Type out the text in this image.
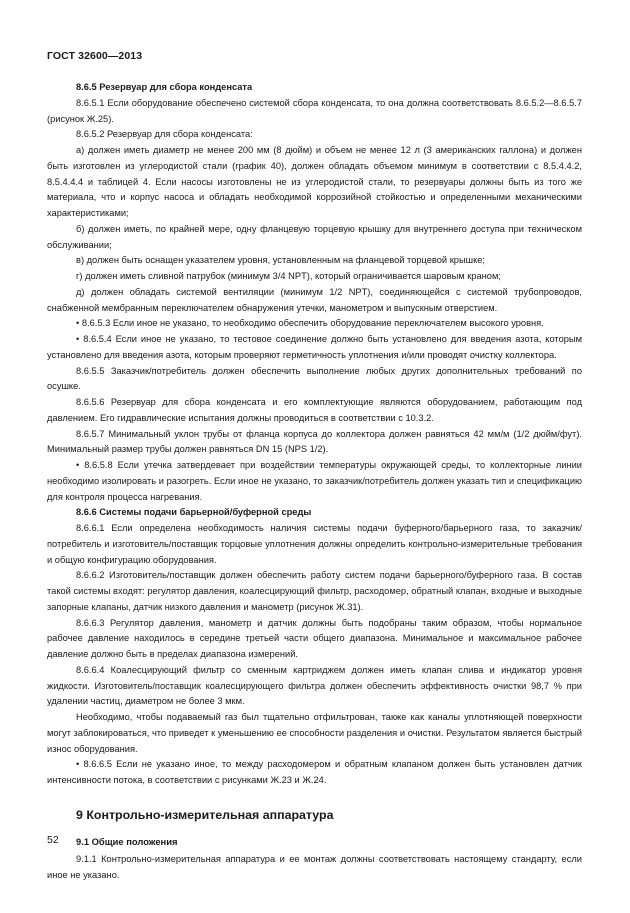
ГОСТ 32600—2013

8.6.5 Резервуар для сбора конденсата

8.6.5.1 Если оборудование обеспечено системой сбора конденсата, то она должна соответствовать 8.6.5.2—8.6.5.7 (рисунок Ж.25).

8.6.5.2 Резервуар для сбора конденсата:

а) должен иметь диаметр не менее 200 мм (8 дюйм) и объем не менее 12 л (3 американских галлона) и должен быть изготовлен из углеродистой стали (график 40), должен обладать объемом минимум в соответствии с 8.5.4.4.2, 8.5.4.4.4 и таблицей 4. Если насосы изготовлены не из углеродистой стали, то резервуары должны быть из того же материала, что и корпус насоса и обладать необходимой коррозийной стойкостью и определенными механическими характеристиками;

б) должен иметь, по крайней мере, одну фланцевую торцевую крышку для внутреннего доступа при техническом обслуживании;

в) должен быть оснащен указателем уровня, установленным на фланцевой торцевой крышке;

г) должен иметь сливной патрубок (минимум 3/4 NPT), который ограничивается шаровым краном;

д) должен обладать системой вентиляции (минимум 1/2 NPT), соединяющейся с системой трубопроводов, снабженной мембранным переключателем обнаружения утечки, манометром и выпускным отверстием.

• 8.6.5.3 Если иное не указано, то необходимо обеспечить оборудование переключателем высокого уровня.

• 8.6.5.4 Если иное не указано, то тестовое соединение должно быть установлено для введения азота, которым установлено для введения азота, которым проверяют герметичность уплотнения и/или проводят очистку коллектора.

8.6.5.5 Заказчик/потребитель должен обеспечить выполнение любых других дополнительных требований по осушке.

8.6.5.6 Резервуар для сбора конденсата и его комплектующие являются оборудованием, работающим под давлением. Его гидравлические испытания должны проводиться в соответствии с 10.3.2.

8.6.5.7 Минимальный уклон трубы от фланца корпуса до коллектора должен равняться 42 мм/м (1/2 дюйм/фут). Минимальный размер трубы должен равняться DN 15 (NPS 1/2).

• 8.6.5.8 Если утечка затвердевает при воздействии температуры окружающей среды, то коллекторные линии необходимо изолировать и разогреть. Если иное не указано, то заказчик/потребитель должен указать тип и спецификацию для контроля процесса нагревания.

8.6.6 Системы подачи барьерной/буферной среды

8.6.6.1 Если определена необходимость наличия системы подачи буферного/барьерного газа, то заказчик/потребитель и изготовитель/поставщик торцовые уплотнения должны определить контрольно-измерительные требования и общую конфигурацию оборудования.

8.6.6.2 Изготовитель/поставщик должен обеспечить работу систем подачи барьерного/буферного газа. В состав такой системы входят: регулятор давления, коалесцирующий фильтр, расходомер, обратный клапан, входные и выходные запорные клапаны, датчик низкого давления и манометр (рисунок Ж.31).

8.6.6.3 Регулятор давления, манометр и датчик должны быть подобраны таким образом, чтобы нормальное рабочее давление находилось в середине третьей части общего диапазона. Минимальное и максимальное рабочее давление должно быть в пределах диапазона измерений.

8.6.6.4 Коалесцирующий фильтр со сменным картриджем должен иметь клапан слива и индикатор уровня жидкости. Изготовитель/поставщик коалесцирующего фильтра должен обеспечить эффективность очистки 98,7 % при удалении частиц, диаметром не более 3 мкм.

Необходимо, чтобы подаваемый газ был тщательно отфильтрован, также как каналы уплотняющей поверхности могут заблокироваться, что приведет к уменьшению ее способности разделения и очистки. Результатом является быстрый износ оборудования.

• 8.6.6.5 Если не указано иное, то между расходомером и обратным клапаном должен быть установлен датчик интенсивности потока, в соответствии с рисунками Ж.23 и Ж.24.

9 Контрольно-измерительная аппаратура
9.1 Общие положения

9.1.1 Контрольно-измерительная аппаратура и ее монтаж должны соответствовать настоящему стандарту, если иное не указано.

52
